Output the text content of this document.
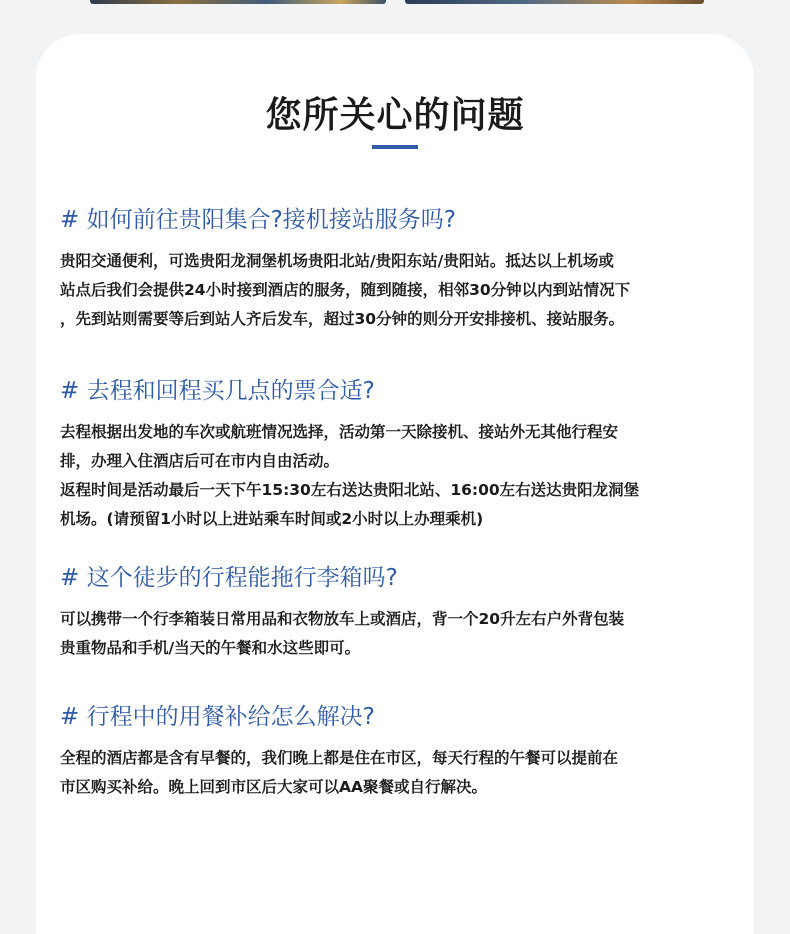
您所关心的问题
# 如何前往贵阳集合?接机接站服务吗?

贵阳交通便利，可选贵阳龙洞堡机场贵阳北站/贵阳东站/贵阳站。抵达以上机场或

站点后我们会提供24小时接到酒店的服务，随到随接，相邻30分钟以内到站情况下

，先到站则需要等后到站人齐后发车，超过30分钟的则分开安排接机、接站服务。

# 去程和回程买几点的票合适?

去程根据出发地的车次或航班情况选择，活动第一天除接机、接站外无其他行程安

排，办理入住酒店后可在市内自由活动。

返程时间是活动最后一天下午15:30左右送达贵阳北站、16:00左右送达贵阳龙洞堡

机场。(请预留1小时以上进站乘车时间或2小时以上办理乘机)

# 这个徒步的行程能拖行李箱吗?

可以携带一个行李箱装日常用品和衣物放车上或酒店，背一个20升左右户外背包装

贵重物品和手机/当天的午餐和水这些即可。

# 行程中的用餐补给怎么解决?

全程的酒店都是含有早餐的，我们晚上都是住在市区，每天行程的午餐可以提前在

市区购买补给。晚上回到市区后大家可以AA聚餐或自行解决。
